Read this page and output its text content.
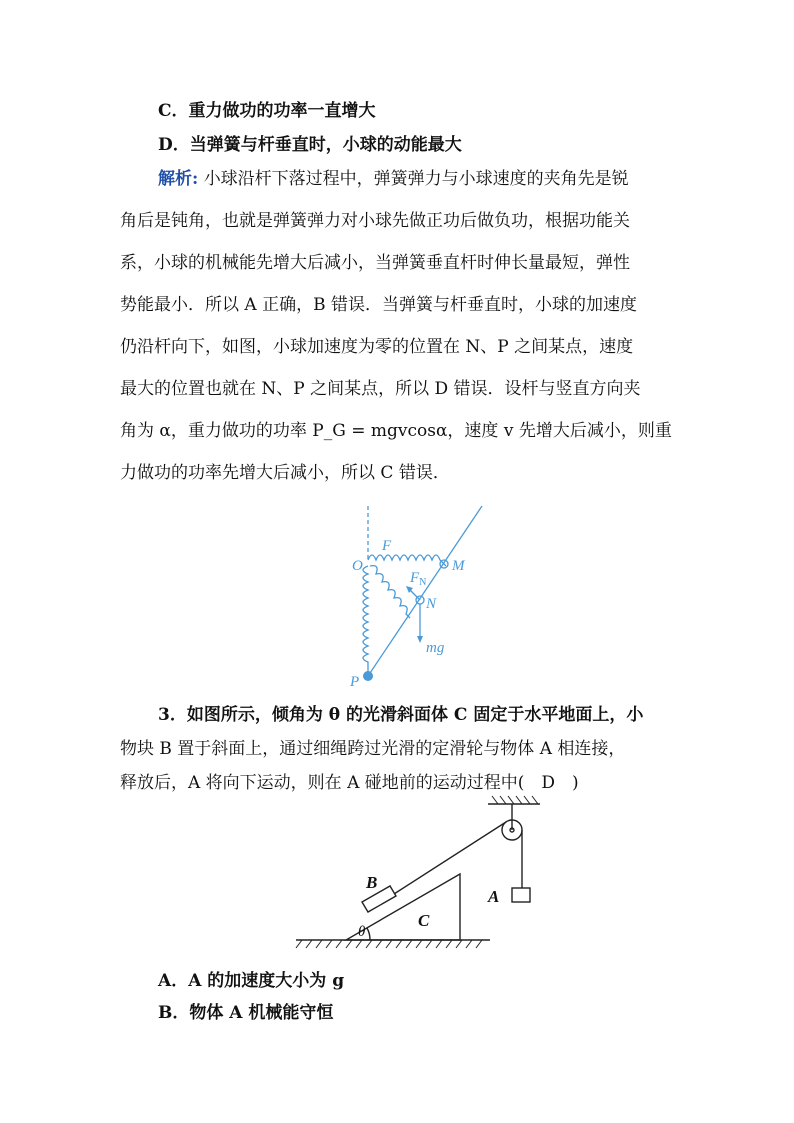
C．重力做功的功率一直增大
D．当弹簧与杆垂直时，小球的动能最大
解析: 小球沿杆下落过程中，弹簧弹力与小球速度的夹角先是锐
角后是钝角，也就是弹簧弹力对小球先做正功后做负功，根据功能关
系，小球的机械能先增大后减小，当弹簧垂直杆时伸长量最短，弹性
势能最小．所以 A 正确，B 错误．当弹簧与杆垂直时，小球的加速度
仍沿杆向下，如图，小球加速度为零的位置在 N、P 之间某点，速度
最大的位置也就在 N、P 之间某点，所以 D 错误．设杆与竖直方向夹
角为 α，重力做功的功率 P_G = mgvcosα，速度 v 先增大后减小，则重
力做功的功率先增大后减小，所以 C 错误．
O
F
M
$F_N$
N
mg
P
3．如图所示，倾角为 θ 的光滑斜面体 C 固定于水平地面上，小
物块 B 置于斜面上，通过细绳跨过光滑的定滑轮与物体 A 相连接，
释放后，A 将向下运动，则在 A 碰地前的运动过程中(　D　)
B
C
A
θ
A．A 的加速度大小为 g
B．物体 A 机械能守恒
